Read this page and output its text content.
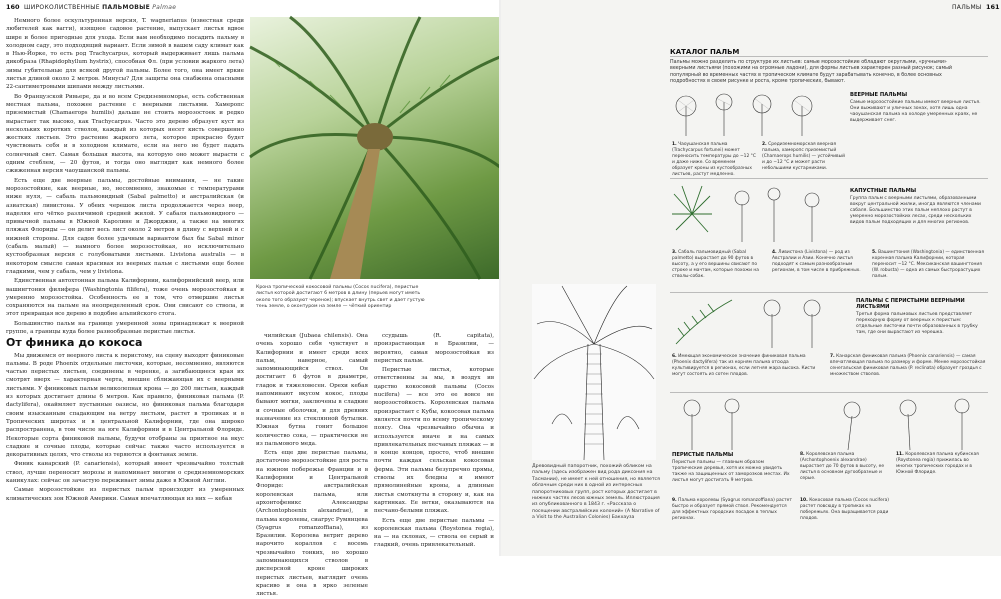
160 ШИРОКОЛИСТВЕННЫЕ ПАЛЬМОВЫЕ Palmae

Немного более оскультуренная версия, T. wagnerianus (известная среди любителей как вагги), изящнее садовое растение, выпускает листья вдвое шире и более пригодные для ухода. Если вам необходимо посадить пальму в холодном саду, это подходящий вариант. Если зимой в вашем саду климат как в Нью-Йорке, то есть род Trachycarpus, который выдерживает лишь пальма дикобраза (Rhapidophyllum hystrix), способная Фл. (при условии жаркого лета) зимы губительные для всякой другой пальмы. Более того, она имеет яркие листья длиной около 2 метров. Минусы? Для защиты она снабжена опасными 22-сантиметровыми шипами между листьями.

Во Французской Ривьере, да и во всем Средиземноморье, есть собственная местная пальма, похожее растение с веерными листьями. Хамеропс приземистый (Chamaerops humilis) дальше не стоить морозостоек и редко вырастает так высоко, как Trachycarpus. Часто это дерево образует куст из нескольких коротких стволов, каждый из которых несет кисть совершенно жестких листьев. Это растение жаркого лета, которое прекрасно будет чувствовать себя и в холодном климате, если на него не будет падать солнечный свет. Самая большая высота, на которую оно может вырасти с одним стеблем, — 20 футов, и тогда оно выглядит как немного более сжиженная версия чаоушанской пальмы.

Есть еще две веерные пальмы, достойные внимания, — не такие морозостойкие, как веерные, но, несомненно, знакомые с температурами ниже нуля, — сабаль пальмовидный (Sabal palmetto) и австралийская (и азиатская) ливистона. У обеих черешок листа продолжается через веер, наделяя его чётко различимой средней жилой. У сабаля пальмовидного — привычной пальмы в Южной Каролине и Джорджии, а также на многих пляжах Флориды — он делит весь лист около 2 метров в длину с верхней и с нижней стороны. Для садов более удачным вариантом был бы Sabal minor (сабаль малый) — намного более морозостойкая, но исключительно кустообразная версия с голубоватыми листьями. Livistona australis — в некотором смысле самая красивая из веерных пальм с листьями еще более гладкими, чем у сабаль, чем у livistona.

Единственная автохтонная пальма Калифорнии, калифорнийский веер, или вашингтония филифера (Washingtonia filifera), тоже очень морозостойкая и умеренно морозостойка. Особенность ее в том, что отмершие листья сохраняются на пальме на неопределенный срок. Они свисают со ствола, и этот превращая все дерево в подобие альпийского стога.

Большинство пальм на границе умеренной зоны принадлежат к веерной группе, а границы куда более разнообразные перистые листья.

От финика до кокоса

Мы движемся от веерного листа к перистому, на сцену выходят финиковые пальмы. В роде Phoenix отдельные листочки, которые, несомненно, являются частью перистых листьев, соединены в черенке, а загибающиеся края их смотрят вверх — характерная черта, внешне сближающая их с веерными листьями. У финиковых пальм великолепная крона — до 200 листьев, каждый из которых достигает длины 6 метров. Как правило, финиковая пальма (P. dactylifera), окаймляет пустынные оазисы, но финиковая пальма благодаря своим изысканным спадающим на ветру листьям, растет в тропиках и в Тропических широтах и в центральной Калифорнии, где она широко распространена, в том числе на юге Калифорнии и в Центральной Флориде. Некоторые сорта финиковой пальмы, будучи отобраны за приятное на вкус сладкие и сочные плоды, которые сейчас также часто используется в декоративных целях, что стволы из теряются в фонтанах земли.

Финик канарский (P. canariensis), который имеет чрезвычайно толстый ствол, лучше переносит морозы и напоминает многим о средиземноморских каникулах: сейчас он зачастую переживает зимы даже в Южной Англии.

Самые морозостойкие из перистых пальм происходят из умеренных климатических зон Южной Америки. Самая впечатляющая из них — кебая

Крона тропической кокосовой пальмы (Cocos nucifera), перистые листья которой достигают 6 метров в длину (перьев могут иметь около того образуют черенок); впускает внутрь свет и дает густую тень земле, о оконтуром на земле — чёткий ориентир

чилийская (Jubaea chilensis). Она очень хорошо себя чувствует в Калифорнии и имеет среди всех пальм, наверное, самый запоминающийся ствол. Он достигает 6 футов в диаметре, гладок и тяжеловесен. Орехи кебая напоминают вкусом кокос, плоды бывают мягки, заключены в сладкие и сочные оболочки, и для древних назначение из стеклянной бутылки. Южная бутна гонит большое количество сока, — практически не из пальмового меда.

Есть еще две перистые пальмы, достаточно морозостойкие для роста на южном побережье Франции и в Калифорнии и Центральной Флориде: австралийская королевская пальма, или архонтофеникс Александры (Archontophoenix alexandrae), и пальма королевы, сиагрус Румянцева (Syagrus romanzoffiana), из Бразилии. Королева ветрит дерево нарочито кораллов с восемь чрезвычайно тонких, но хорошо запоминающихся стволов в дисперсной кроне широких перистых листьев, выглядит очень красиво и она в ярко зеленые листья.

ссудышь (R. capitata), произрастающая в Бразилии, — вероятно, самая морозостойкая из перистых пальм.

Перистые листья, которые ответственны за мы, в воздух ив царство кокосовой пальмы (Cocos nucifera) — все это ее вовсе не морозостойкость. Королевская пальма произрастает с Кубы, кокосовая пальма является почти по всему тропическому поясу. Она чрезвычайно обычна и используется иначе и на самых привлекательных песчаных пляжах — и в конце концов, просто, чтоб внешне почти каждая сельская кокосовая ферма. Эти пальмы безупречно прямы, стволы их бледны и имеют прямолинейные кроны, а длинные листья смоткнуты в сторону и, как на картинках. Ее ветки, оказываются на песчано-белыми пляжах.

Есть еще две перистые пальмы — королевская пальма (Roystonea regia), на — на склонах, — ствола ее серый и гладкий, очень привлекательный.

161
ПАЛЬМЫ
Древовидный папоротник, похожий обликом на пальму (здесь изображен вид рода диксония на Тасмании), не имеет к ней отношения, но является облачным среди них в одной из интересных папоротниковых групп, рост которых достигает в нижних частях лесов южных земель. Иллюстрация из опубликованного в 1843 г. «Рассказа о посещении австралийских колоний» (A Narrative of a Visit to the Australian Colonies) Бакхауза
КАТАЛОГ ПАЛЬМ
Пальмы можно разделить по структуре их листьев: самые морозостойкие обладают округлыми, «ручными» веерными листьями (похожими на огромные ладони), для формы листьев характерен разный рисунок; самый популярный во временных частях в тропическом климате будут зарабатывать конечно, в более основных подробностях в своем рисунке и роста, кроме тропических, бывают.
ВЕЕРНЫЕ ПАЛЬМЫ
Самые морозостойкие пальмы имеют веерные листья. Они выживают и уличных зонах, хотя лишь одна чаоушанская пальма на холоде умеренных краях, не выдерживает снег.
1. Чаоушанская пальма (Trachycarpus fortunei) может переносить температуры до −12 °C и даже ниже. Со временем образует кроны из кустообразных листьев, растут медленно.
2. Средиземноморская веерная пальма, хамеропс приземистый (Chamaerops humilis) — устойчивый и до −12 °C и может расти небольшими кустарниками.
КАПУСТНЫЕ ПАЛЬМЫ
Группа пальм с веерными листьями, образованными вокруг центральной жилки, иногда являются членами сабаля. Большинство этих пальм неплохо растут в умеренно морозостойких лесах, среди нескольких видов пальм подходящих и для многих регионов.
3. Сабаль пальмовидный (Sabal palmetto) вырастает до 90 футов в высоту, а у его вершины свисают по строке и мачтам, которые похожи на стволы-собак.
4. Ливистона (Livistona) — род из Австралии и Азии. Конечно листья подходят к самым разнообразным регионам, в том числе в прибрежных.
5. Вашингтония (Washingtonia) — единственная коренная пальма Калифорнии, которая переносит −12 °C. Мексиканская вашингтония (W. robusta) — одна из самых быстрорастущих пальм.
ПАЛЬМЫ С ПЕРИСТЫМИ ВЕЕРНЫМИ ЛИСТЬЯМИ
Третья форма пальмовых листьев представляет переходную форму от веерных к перистым: отдельные листочки почти образованных в трубку там, где они вырастают из черешка.
6. Имеющая экономическое значение финиковая пальма (Phoenix dactylifera) так из корням пальма отсюда культивируется в регионах, если летняя жара высока. Кисти могут состоять из сотен плодов.
7. Канарская финиковая пальма (Phoenix canariensis) — самая впечатляющая пальма по размеру и форме. Менее морозостойкая сенегальская финиковая пальма (P. reclinata) образует гроздья с множеством стволов.
ПЕРИСТЫЕ ПАЛЬМЫ
Перистые пальмы — главным образом тропические деревья, хотя их можно увидеть также на защищенных от заморозков местах. Их листья могут достигать 9 метров.
9. Пальма королевы (Syagrus romanzoffiana) растет быстро и образует прямой ствол. Рекомендуется для эффектных городских посадок в теплых регионах.
8. Королевская пальма (Archontophoenix alexandrae) вырастает до 70 футов в высоту, ее листья в основном дугообразные и серые.
10. Кокосовая пальма (Cocos nucifera) растет повсюду в тропиках на побережьях. Она выращивается ради плодов.
11. Королевская пальма кубинская (Roystonea regia) прижилась во многих тропических городах и в Южной Флориде.
